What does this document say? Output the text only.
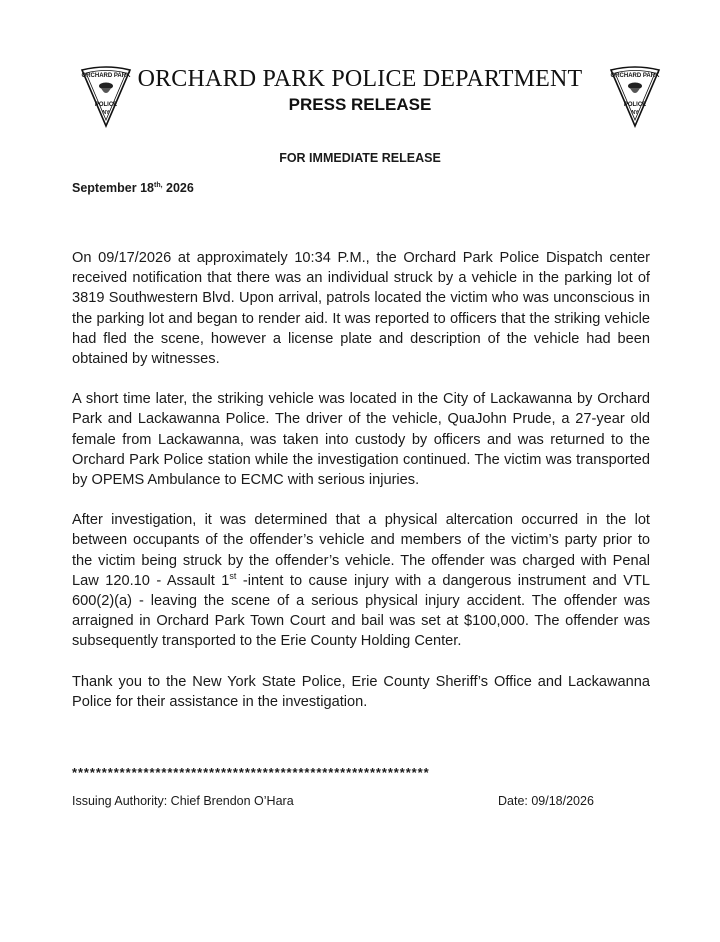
ORCHARD PARK
POLICE
NY
ORCHARD PARK
POLICE
NY
ORCHARD PARK POLICE DEPARTMENT
PRESS RELEASE
FOR IMMEDIATE RELEASE
September $18^{th,}$ 2026

On 09/17/2026 at approximately 10:34 P.M., the Orchard Park Police Dispatch center received notification that there was an individual struck by a vehicle in the parking lot of 3819 Southwestern Blvd. Upon arrival, patrols located the victim who was unconscious in the parking lot and began to render aid. It was reported to officers that the striking vehicle had fled the scene, however a license plate and description of the vehicle had been obtained by witnesses.

A short time later, the striking vehicle was located in the City of Lackawanna by Orchard Park and Lackawanna Police. The driver of the vehicle, QuaJohn Prude, a 27-year old female from Lackawanna, was taken into custody by officers and was returned to the Orchard Park Police station while the investigation continued. The victim was transported by OPEMS Ambulance to ECMC with serious injuries.

After investigation, it was determined that a physical altercation occurred in the lot between occupants of the offender’s vehicle and members of the victim’s party prior to the victim being struck by the offender’s vehicle. The offender was charged with Penal Law 120.10 - Assault 1st -intent to cause injury with a dangerous instrument and VTL 600(2)(a) - leaving the scene of a serious physical injury accident. The offender was arraigned in Orchard Park Town Court and bail was set at $100,000. The offender was subsequently transported to the Erie County Holding Center.

Thank you to the New York State Police, Erie County Sheriff’s Office and Lackawanna Police for their assistance in the investigation.

************************************************************
Issuing Authority: Chief Brendon O’Hara	Date: 09/18/2026
